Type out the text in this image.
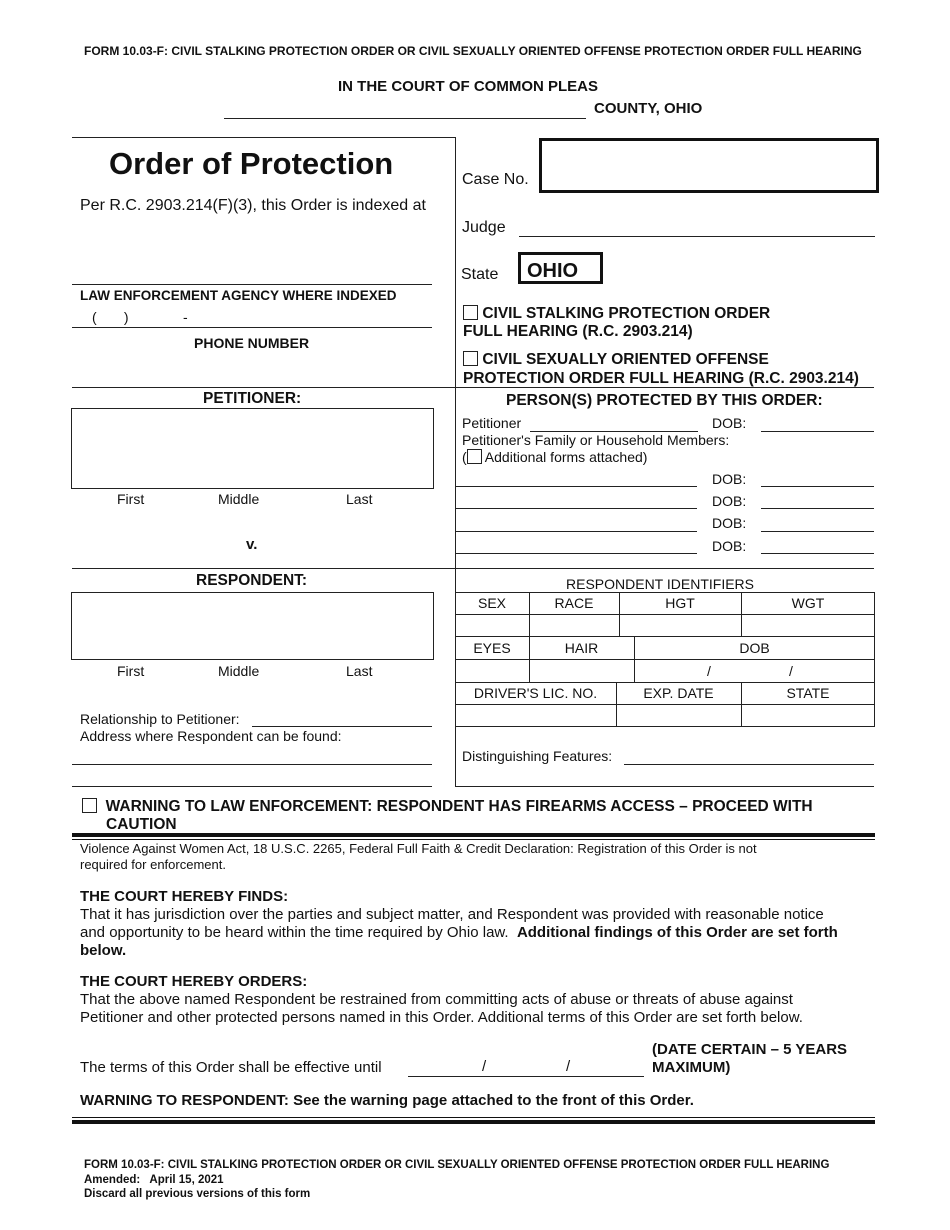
FORM 10.03-F: CIVIL STALKING PROTECTION ORDER OR CIVIL SEXUALLY ORIENTED OFFENSE PROTECTION ORDER FULL HEARING
IN THE COURT OF COMMON PLEAS
COUNTY, OHIO
Order of Protection
Per R.C. 2903.214(F)(3), this Order is indexed at
LAW ENFORCEMENT AGENCY WHERE INDEXED
(       )              -
PHONE NUMBER
Case No.
Judge
State	OHIO
CIVIL STALKING PROTECTION ORDER
FULL HEARING (R.C. 2903.214)
CIVIL SEXUALLY ORIENTED OFFENSE
PROTECTION ORDER FULL HEARING (R.C. 2903.214)
PETITIONER:
First	Middle	Last
v.
PERSON(S) PROTECTED BY THIS ORDER:
Petitioner	DOB:
Petitioner's Family or Household Members:
( Additional forms attached)
DOB:
DOB:
DOB:
DOB:
RESPONDENT:
First	Middle	Last
Relationship to Petitioner:
Address where Respondent can be found:
RESPONDENT IDENTIFIERS
SEX	RACE	HGT	WGT
EYES	HAIR	DOB
/	/
DRIVER'S LIC. NO.	EXP. DATE	STATE
Distinguishing Features:
WARNING TO LAW ENFORCEMENT: RESPONDENT HAS FIREARMS ACCESS – PROCEED WITH
CAUTION
Violence Against Women Act, 18 U.S.C. 2265, Federal Full Faith & Credit Declaration: Registration of this Order is not
required for enforcement.
THE COURT HEREBY FINDS:
That it has jurisdiction over the parties and subject matter, and Respondent was provided with reasonable notice
and opportunity to be heard within the time required by Ohio law.  Additional findings of this Order are set forth
below.
THE COURT HEREBY ORDERS:
That the above named Respondent be restrained from committing acts of abuse or threats of abuse against
Petitioner and other protected persons named in this Order. Additional terms of this Order are set forth below.
The terms of this Order shall be effective until	/	/
(DATE CERTAIN – 5 YEARS
MAXIMUM)
WARNING TO RESPONDENT: See the warning page attached to the front of this Order.
FORM 10.03-F: CIVIL STALKING PROTECTION ORDER OR CIVIL SEXUALLY ORIENTED OFFENSE PROTECTION ORDER FULL HEARING
Amended:   April 15, 2021
Discard all previous versions of this form
